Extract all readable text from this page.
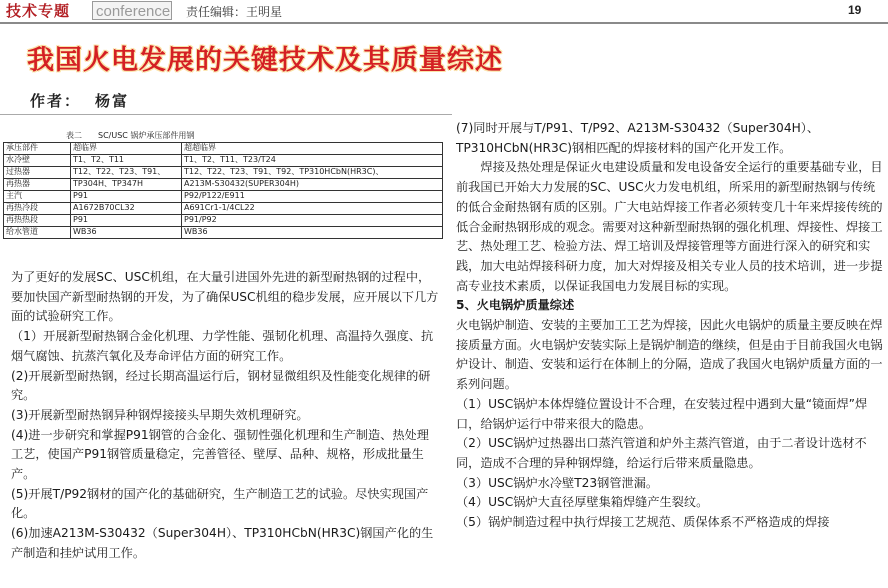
技术专题 conference 责任编辑：王明星	19
我国火电发展的关键技术及其质量综述
作者： 杨富
表二　　SC/USC 锅炉承压部件用钢
承压部件	超临界	超超临界
水冷壁	T1、T2、T11	T1、T2、T11、T23/T24
过热器	T12、T22、T23、T91、	T12、T22、T23、T91、T92、TP310HCbN(HR3C)、
再热器	TP304H、TP347H	A213M-S30432(SUPER304H)
主汽	P91	P92/P122/E911
再热冷段	A1672B70CL32	A691Cr1-1/4CL22
再热热段	P91	P91/P92
给水管道	WB36	WB36

为了更好的发展SC、USC机组，在大量引进国外先进的新型耐热钢的过程中，要加快国产新型耐热钢的开发，为了确保USC机组的稳步发展，应开展以下几方面的试验研究工作。

（1）开展新型耐热钢合金化机理、力学性能、强韧化机理、高温持久强度、抗烟气腐蚀、抗蒸汽氧化及寿命评估方面的研究工作。

(2)开展新型耐热钢，经过长期高温运行后，钢材显微组织及性能变化规律的研究。

(3)开展新型耐热钢异种钢焊接接头早期失效机理研究。

(4)进一步研究和掌握P91钢管的合金化、强韧性强化机理和生产制造、热处理工艺，使国产P91钢管质量稳定，完善管径、壁厚、品种、规格，形成批量生产。

(5)开展T/P92钢材的国产化的基础研究，生产制造工艺的试验。尽快实现国产化。

(6)加速A213M-S30432（Super304H）、TP310HCbN(HR3C)钢国产化的生产制造和挂炉试用工作。

(7)同时开展与T/P91、T/P92、A213M-S30432（Super304H）、TP310HCbN(HR3C)钢相匹配的焊接材料的国产化开发工作。

焊接及热处理是保证火电建设质量和发电设备安全运行的重要基础专业，目前我国已开始大力发展的SC、USC火力发电机组，所采用的新型耐热钢与传统的低合金耐热钢有质的区别。广大电站焊接工作者必须转变几十年来焊接传统的低合金耐热钢形成的观念。需要对这种新型耐热钢的强化机理、焊接性、焊接工艺、热处理工艺、检验方法、焊工培训及焊接管理等方面进行深入的研究和实践，加大电站焊接科研力度，加大对焊接及相关专业人员的技术培训，进一步提高专业技术素质，以保证我国电力发展目标的实现。

5、火电锅炉质量综述

火电锅炉制造、安装的主要加工工艺为焊接，因此火电锅炉的质量主要反映在焊接质量方面。火电锅炉安装实际上是锅炉制造的继续，但是由于目前我国火电锅炉设计、制造、安装和运行在体制上的分隔，造成了我国火电锅炉质量方面的一系列问题。

（1）USC锅炉本体焊缝位置设计不合理，在安装过程中遇到大量“镜面焊”焊口，给锅炉运行中带来很大的隐患。

（2）USC锅炉过热器出口蒸汽管道和炉外主蒸汽管道，由于二者设计选材不同，造成不合理的异种钢焊缝，给运行后带来质量隐患。

（3）USC锅炉水冷壁T23钢管泄漏。

（4）USC锅炉大直径厚壁集箱焊缝产生裂纹。

（5）锅炉制造过程中执行焊接工艺规范、质保体系不严格造成的焊接
